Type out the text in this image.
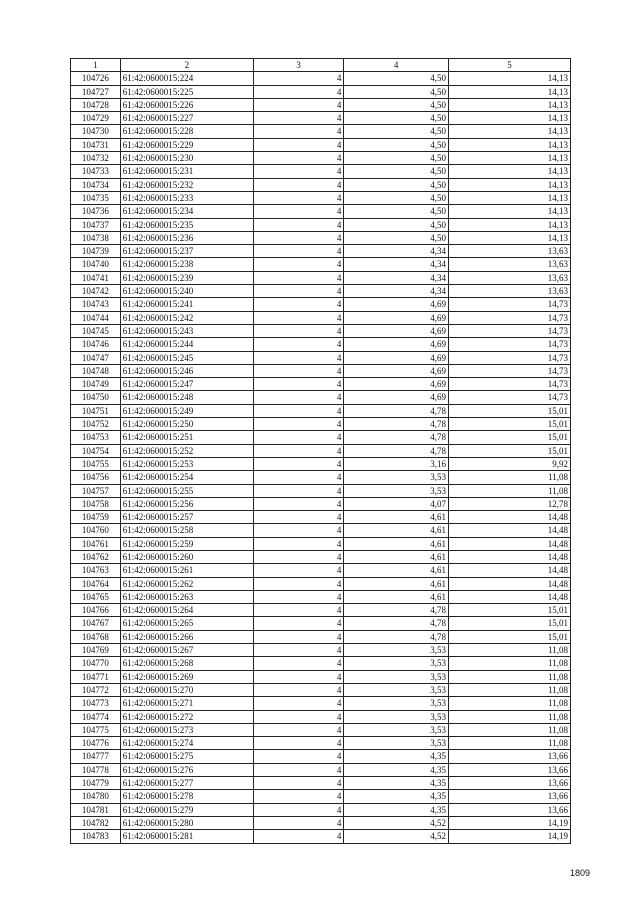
1	2	3	4	5
104726	61:42:0600015:224	4	4,50	14,13
104727	61:42:0600015:225	4	4,50	14,13
104728	61:42:0600015:226	4	4,50	14,13
104729	61:42:0600015:227	4	4,50	14,13
104730	61:42:0600015:228	4	4,50	14,13
104731	61:42:0600015:229	4	4,50	14,13
104732	61:42:0600015:230	4	4,50	14,13
104733	61:42:0600015:231	4	4,50	14,13
104734	61:42:0600015:232	4	4,50	14,13
104735	61:42:0600015:233	4	4,50	14,13
104736	61:42:0600015:234	4	4,50	14,13
104737	61:42:0600015:235	4	4,50	14,13
104738	61:42:0600015:236	4	4,50	14,13
104739	61:42:0600015:237	4	4,34	13,63
104740	61:42:0600015:238	4	4,34	13,63
104741	61:42:0600015:239	4	4,34	13,63
104742	61:42:0600015:240	4	4,34	13,63
104743	61:42:0600015:241	4	4,69	14,73
104744	61:42:0600015:242	4	4,69	14,73
104745	61:42:0600015:243	4	4,69	14,73
104746	61:42:0600015:244	4	4,69	14,73
104747	61:42:0600015:245	4	4,69	14,73
104748	61:42:0600015:246	4	4,69	14,73
104749	61:42:0600015:247	4	4,69	14,73
104750	61:42:0600015:248	4	4,69	14,73
104751	61:42:0600015:249	4	4,78	15,01
104752	61:42:0600015:250	4	4,78	15,01
104753	61:42:0600015:251	4	4,78	15,01
104754	61:42:0600015:252	4	4,78	15,01
104755	61:42:0600015:253	4	3,16	9,92
104756	61:42:0600015:254	4	3,53	11,08
104757	61:42:0600015:255	4	3,53	11,08
104758	61:42:0600015:256	4	4,07	12,78
104759	61:42:0600015:257	4	4,61	14,48
104760	61:42:0600015:258	4	4,61	14,48
104761	61:42:0600015:259	4	4,61	14,48
104762	61:42:0600015:260	4	4,61	14,48
104763	61:42:0600015:261	4	4,61	14,48
104764	61:42:0600015:262	4	4,61	14,48
104765	61:42:0600015:263	4	4,61	14,48
104766	61:42:0600015:264	4	4,78	15,01
104767	61:42:0600015:265	4	4,78	15,01
104768	61:42:0600015:266	4	4,78	15,01
104769	61:42:0600015:267	4	3,53	11,08
104770	61:42:0600015:268	4	3,53	11,08
104771	61:42:0600015:269	4	3,53	11,08
104772	61:42:0600015:270	4	3,53	11,08
104773	61:42:0600015:271	4	3,53	11,08
104774	61:42:0600015:272	4	3,53	11,08
104775	61:42:0600015:273	4	3,53	11,08
104776	61:42:0600015:274	4	3,53	11,08
104777	61:42:0600015:275	4	4,35	13,66
104778	61:42:0600015:276	4	4,35	13,66
104779	61:42:0600015:277	4	4,35	13,66
104780	61:42:0600015:278	4	4,35	13,66
104781	61:42:0600015:279	4	4,35	13,66
104782	61:42:0600015:280	4	4,52	14,19
104783	61:42:0600015:281	4	4,52	14,19
1809
